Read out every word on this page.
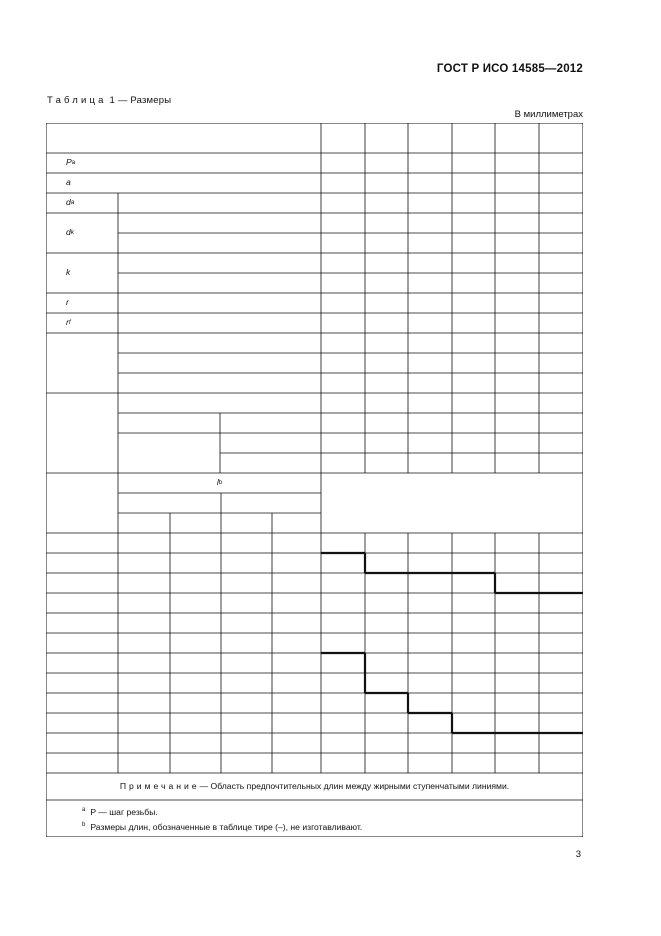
ГОСТ Р ИСО 14585—2012
Таблица 1 — Размеры
В миллиметрах
P a
a
d a
d k
k
r
r f
l b
Примечание — Область предпочтительных длин между жирными ступенчатыми линиями.
$^a$ P — шаг резьбы.
$^b$ Размеры длин, обозначенные в таблице тире (–), не изготавливают.
3
